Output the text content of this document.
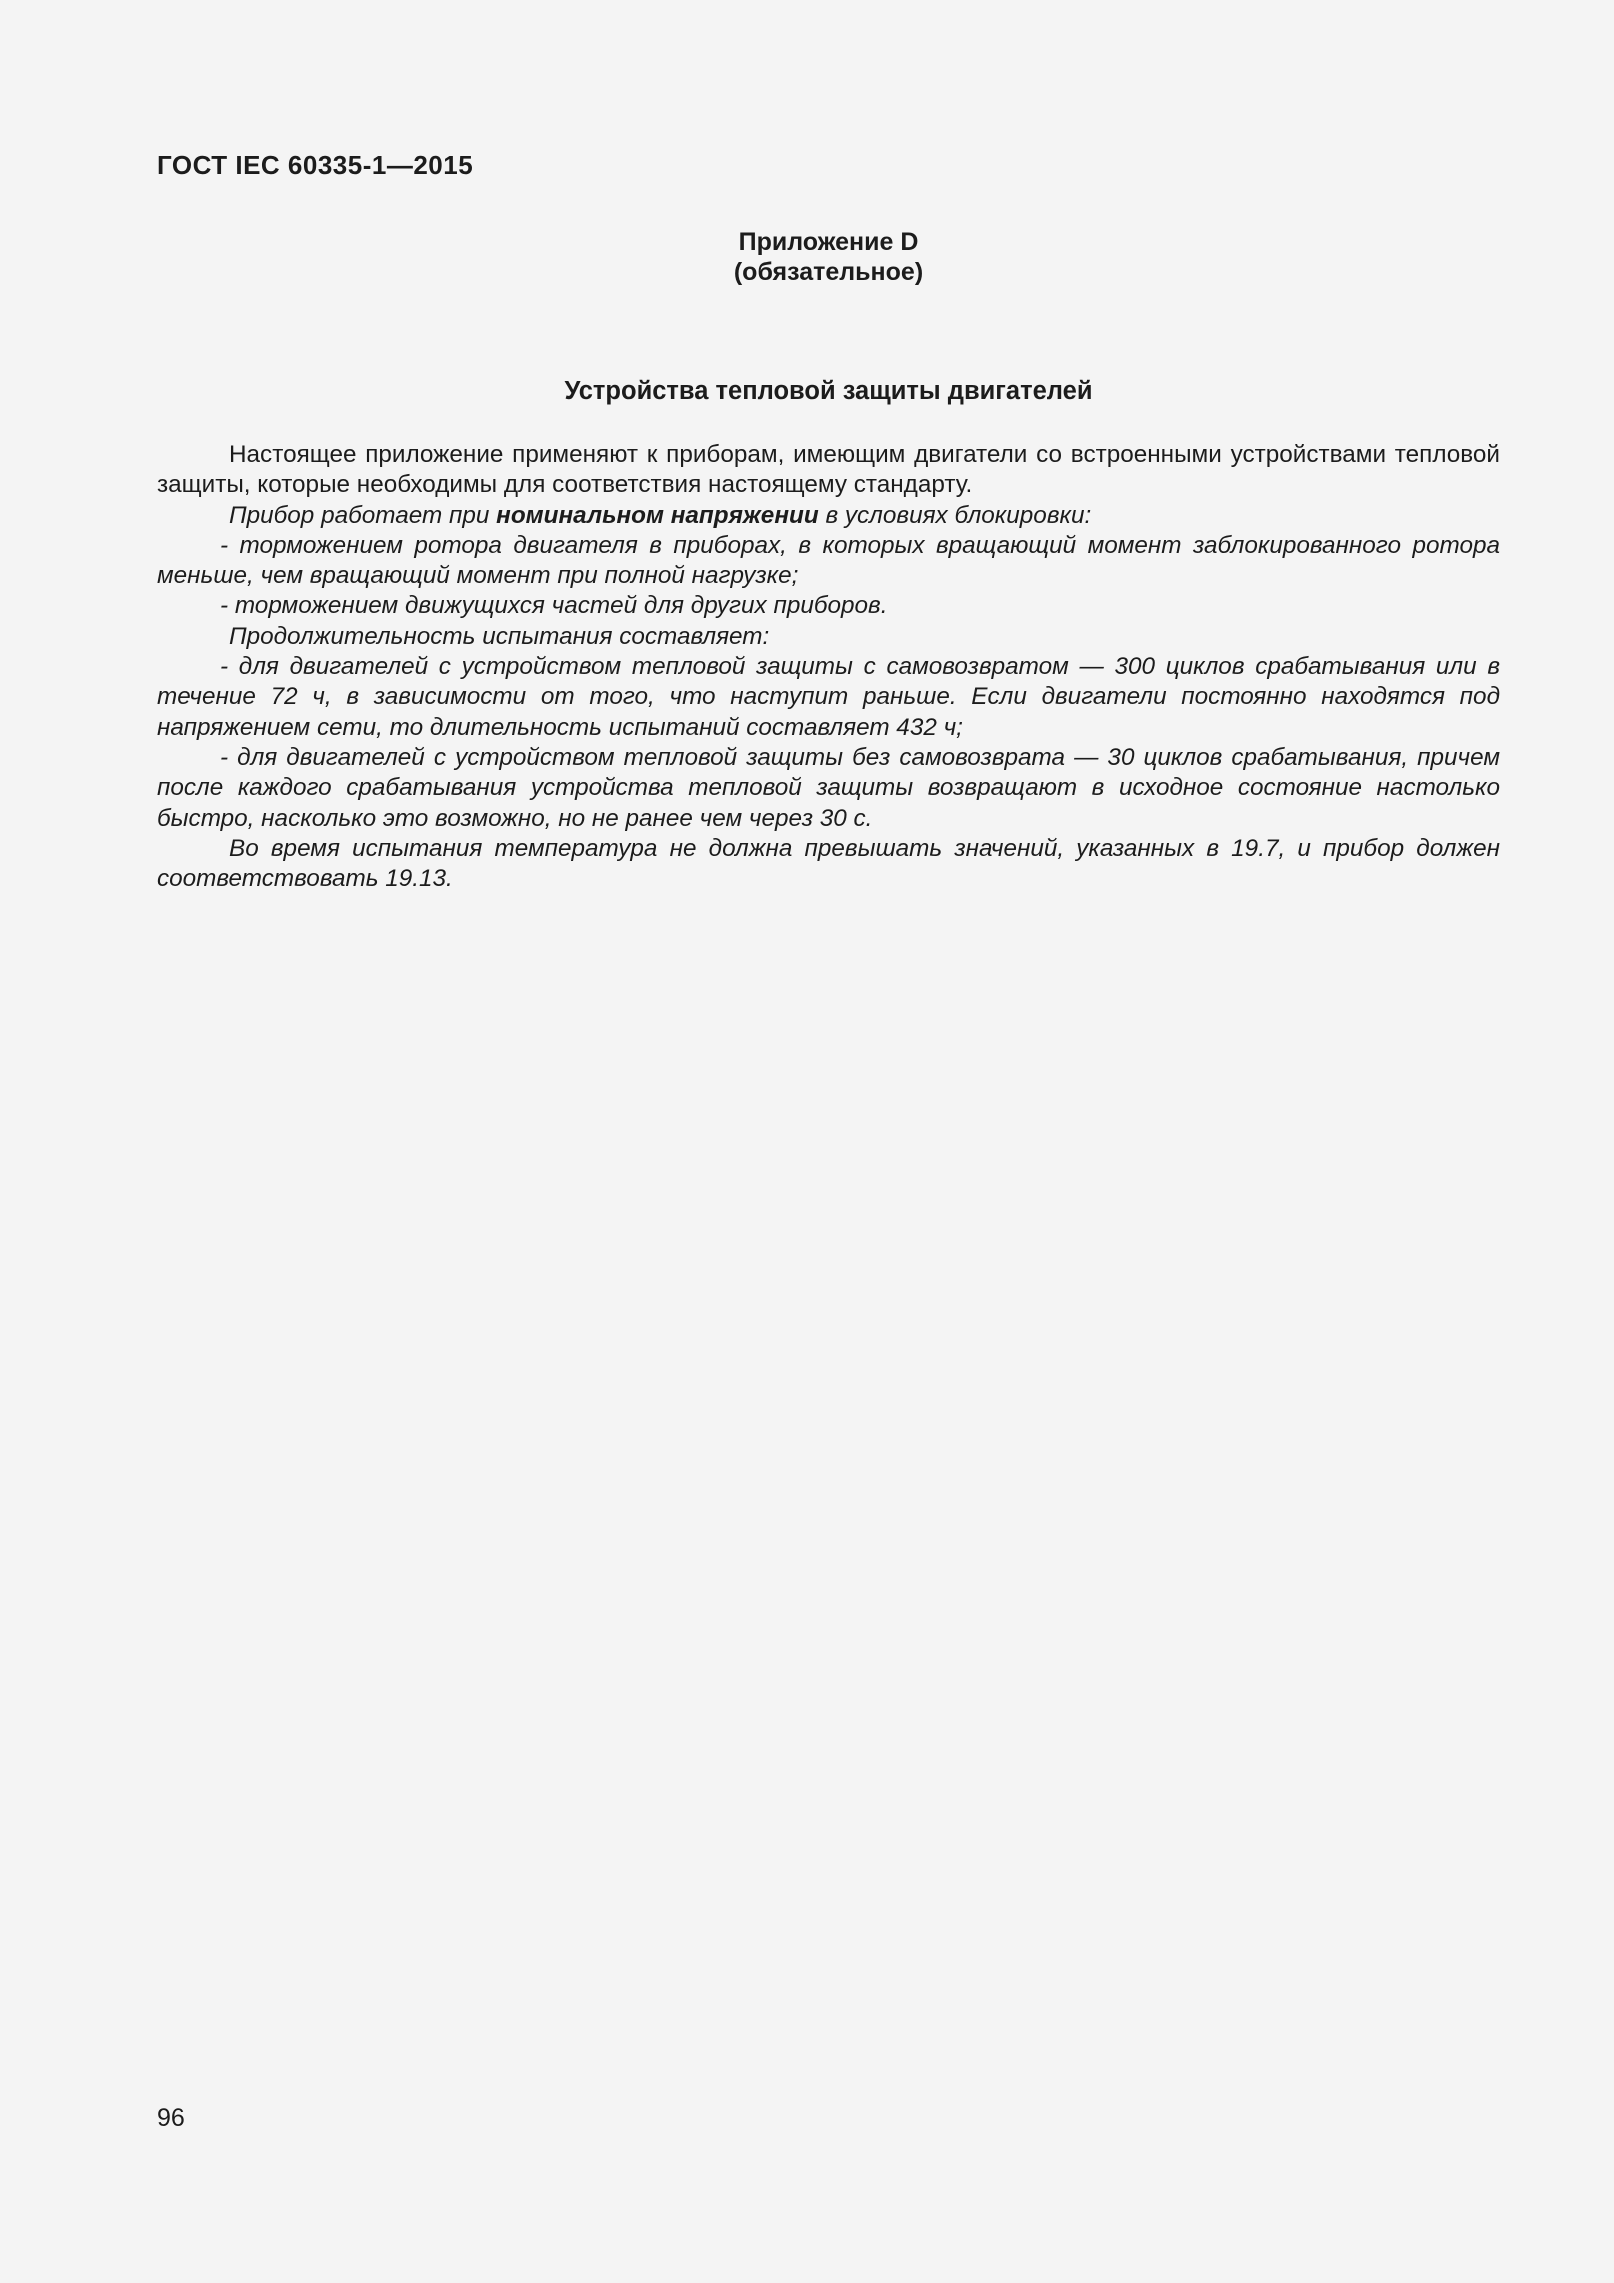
ГОСТ IEC 60335-1—2015
Приложение D
(обязательное)
Устройства тепловой защиты двигателей

Настоящее приложение применяют к приборам, имеющим двигатели со встроенными устройствами тепловой защиты, которые необходимы для соответствия настоящему стандарту.

Прибор работает при номинальном напряжении в условиях блокировки:

- торможением ротора двигателя в приборах, в которых вращающий момент заблокированного ротора меньше, чем вращающий момент при полной нагрузке;

- торможением движущихся частей для других приборов.

Продолжительность испытания составляет:

- для двигателей с устройством тепловой защиты с самовозвратом — 300 циклов срабатывания или в течение 72 ч, в зависимости от того, что наступит раньше. Если двигатели постоянно находятся под напряжением сети, то длительность испытаний составляет 432 ч;

- для двигателей с устройством тепловой защиты без самовозврата — 30 циклов срабатывания, причем после каждого срабатывания устройства тепловой защиты возвращают в исходное состояние настолько быстро, насколько это возможно, но не ранее чем через 30 с.

Во время испытания температура не должна превышать значений, указанных в 19.7, и прибор должен соответствовать 19.13.

96
